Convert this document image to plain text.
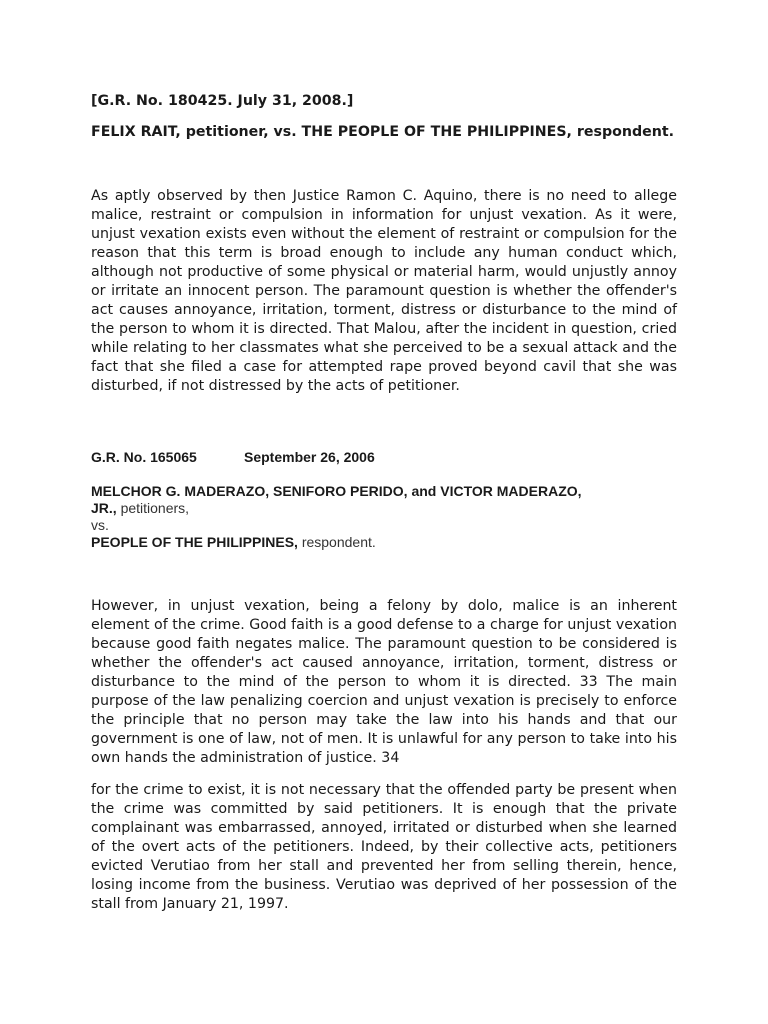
[G.R. No. 180425. July 31, 2008.]

FELIX RAIT, petitioner, vs. THE PEOPLE OF THE PHILIPPINES, respondent.

As aptly observed by then Justice Ramon C. Aquino, there is no need to allege malice, restraint or compulsion in information for unjust vexation. As it were, unjust vexation exists even without the element of restraint or compulsion for the reason that this term is broad enough to include any human conduct which, although not productive of some physical or material harm, would unjustly annoy or irritate an innocent person. The paramount question is whether the offender's act causes annoyance, irritation, torment, distress or disturbance to the mind of the person to whom it is directed. That Malou, after the incident in question, cried while relating to her classmates what she perceived to be a sexual attack and the fact that she filed a case for attempted rape proved beyond cavil that she was disturbed, if not distressed by the acts of petitioner.

G.R. No. 165065	September 26, 2006
MELCHOR G. MADERAZO, SENIFORO PERIDO, and VICTOR MADERAZO,
JR., petitioners,
vs.
PEOPLE OF THE PHILIPPINES, respondent.

However, in unjust vexation, being a felony by dolo, malice is an inherent element of the crime. Good faith is a good defense to a charge for unjust vexation because good faith negates malice. The paramount question to be considered is whether the offender's act caused annoyance, irritation, torment, distress or disturbance to the mind of the person to whom it is directed. 33 The main purpose of the law penalizing coercion and unjust vexation is precisely to enforce the principle that no person may take the law into his hands and that our government is one of law, not of men. It is unlawful for any person to take into his own hands the administration of justice. 34

for the crime to exist, it is not necessary that the offended party be present when the crime was committed by said petitioners. It is enough that the private complainant was embarrassed, annoyed, irritated or disturbed when she learned of the overt acts of the petitioners. Indeed, by their collective acts, petitioners evicted Verutiao from her stall and prevented her from selling therein, hence, losing income from the business. Verutiao was deprived of her possession of the stall from January 21, 1997.
